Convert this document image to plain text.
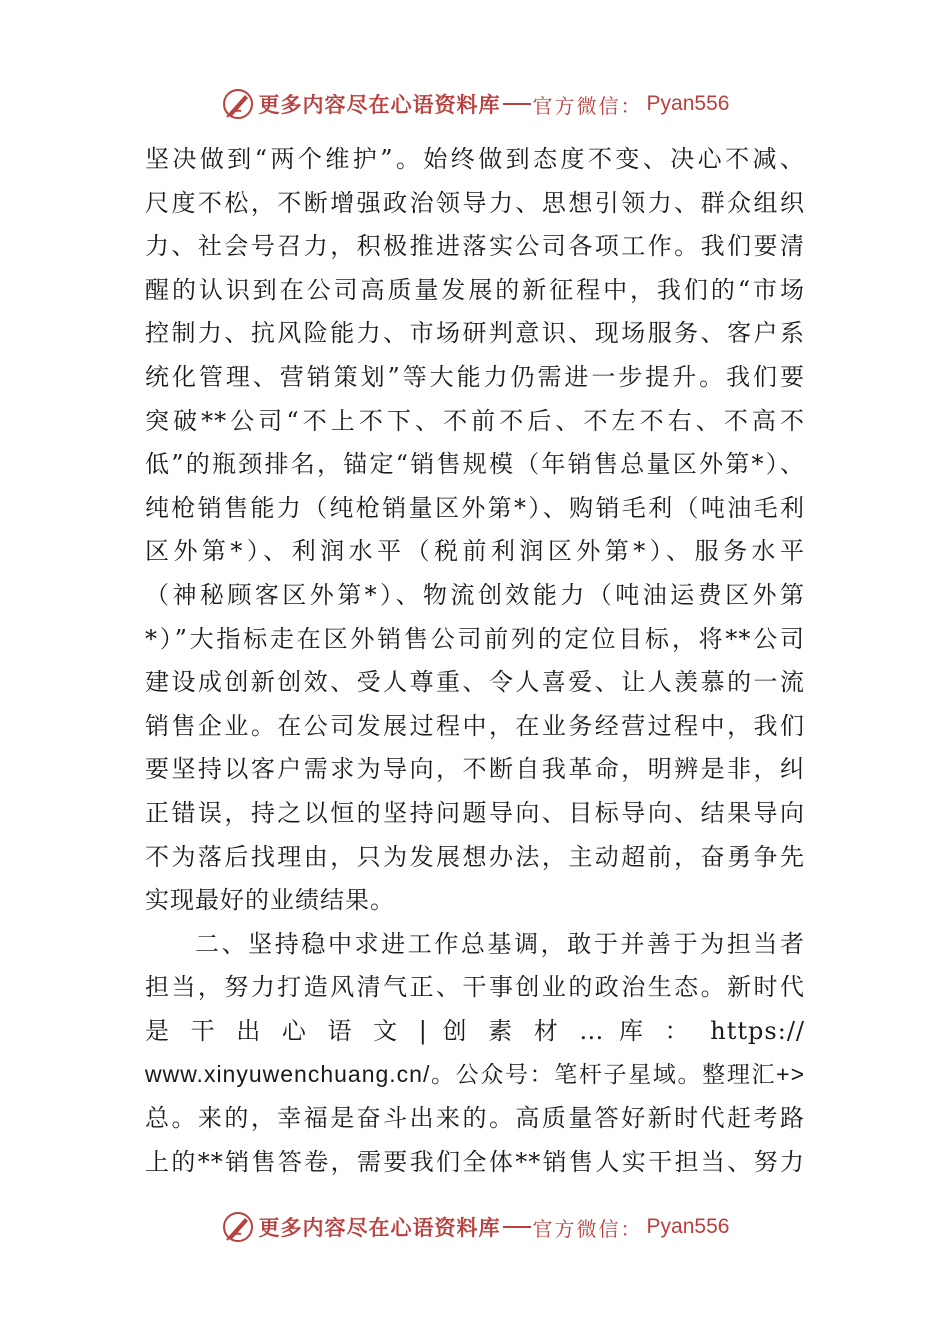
更多内容尽在心语资料库 官方微信： Pyan556
坚决做到“两个维护”。始终做到态度不变、决心不减、
尺度不松，不断增强政治领导力、思想引领力、群众组织
力、社会号召力，积极推进落实公司各项工作。我们要清
醒的认识到在公司高质量发展的新征程中，我们的“市场
控制力、抗风险能力、市场研判意识、现场服务、客户系
统化管理、营销策划”等大能力仍需进一步提升。我们要
突破**公司“不上不下、不前不后、不左不右、不高不
低”的瓶颈排名，锚定“销售规模（年销售总量区外第*）、
纯枪销售能力（纯枪销量区外第*）、购销毛利（吨油毛利
区外第*）、利润水平（税前利润区外第*）、服务水平
（神秘顾客区外第*）、物流创效能力（吨油运费区外第
*）”大指标走在区外销售公司前列的定位目标，将**公司
建设成创新创效、受人尊重、令人喜爱、让人羡慕的一流
销售企业。在公司发展过程中，在业务经营过程中，我们
要坚持以客户需求为导向，不断自我革命，明辨是非，纠
正错误，持之以恒的坚持问题导向、目标导向、结果导向
不为落后找理由，只为发展想办法，主动超前，奋勇争先
实现最好的业绩结果。
二、坚持稳中求进工作总基调，敢于并善于为担当者
担当，努力打造风清气正、干事创业的政治生态。新时代
是 干 出 心 语 文 | 创 素 材 … 库 ： https://
www.xinyuwenchuang.cn/。公众号：笔杆子星域。整理汇+>
总。来的，幸福是奋斗出来的。高质量答好新时代赶考路
上的**销售答卷，需要我们全体**销售人实干担当、努力
更多内容尽在心语资料库 官方微信： Pyan556
